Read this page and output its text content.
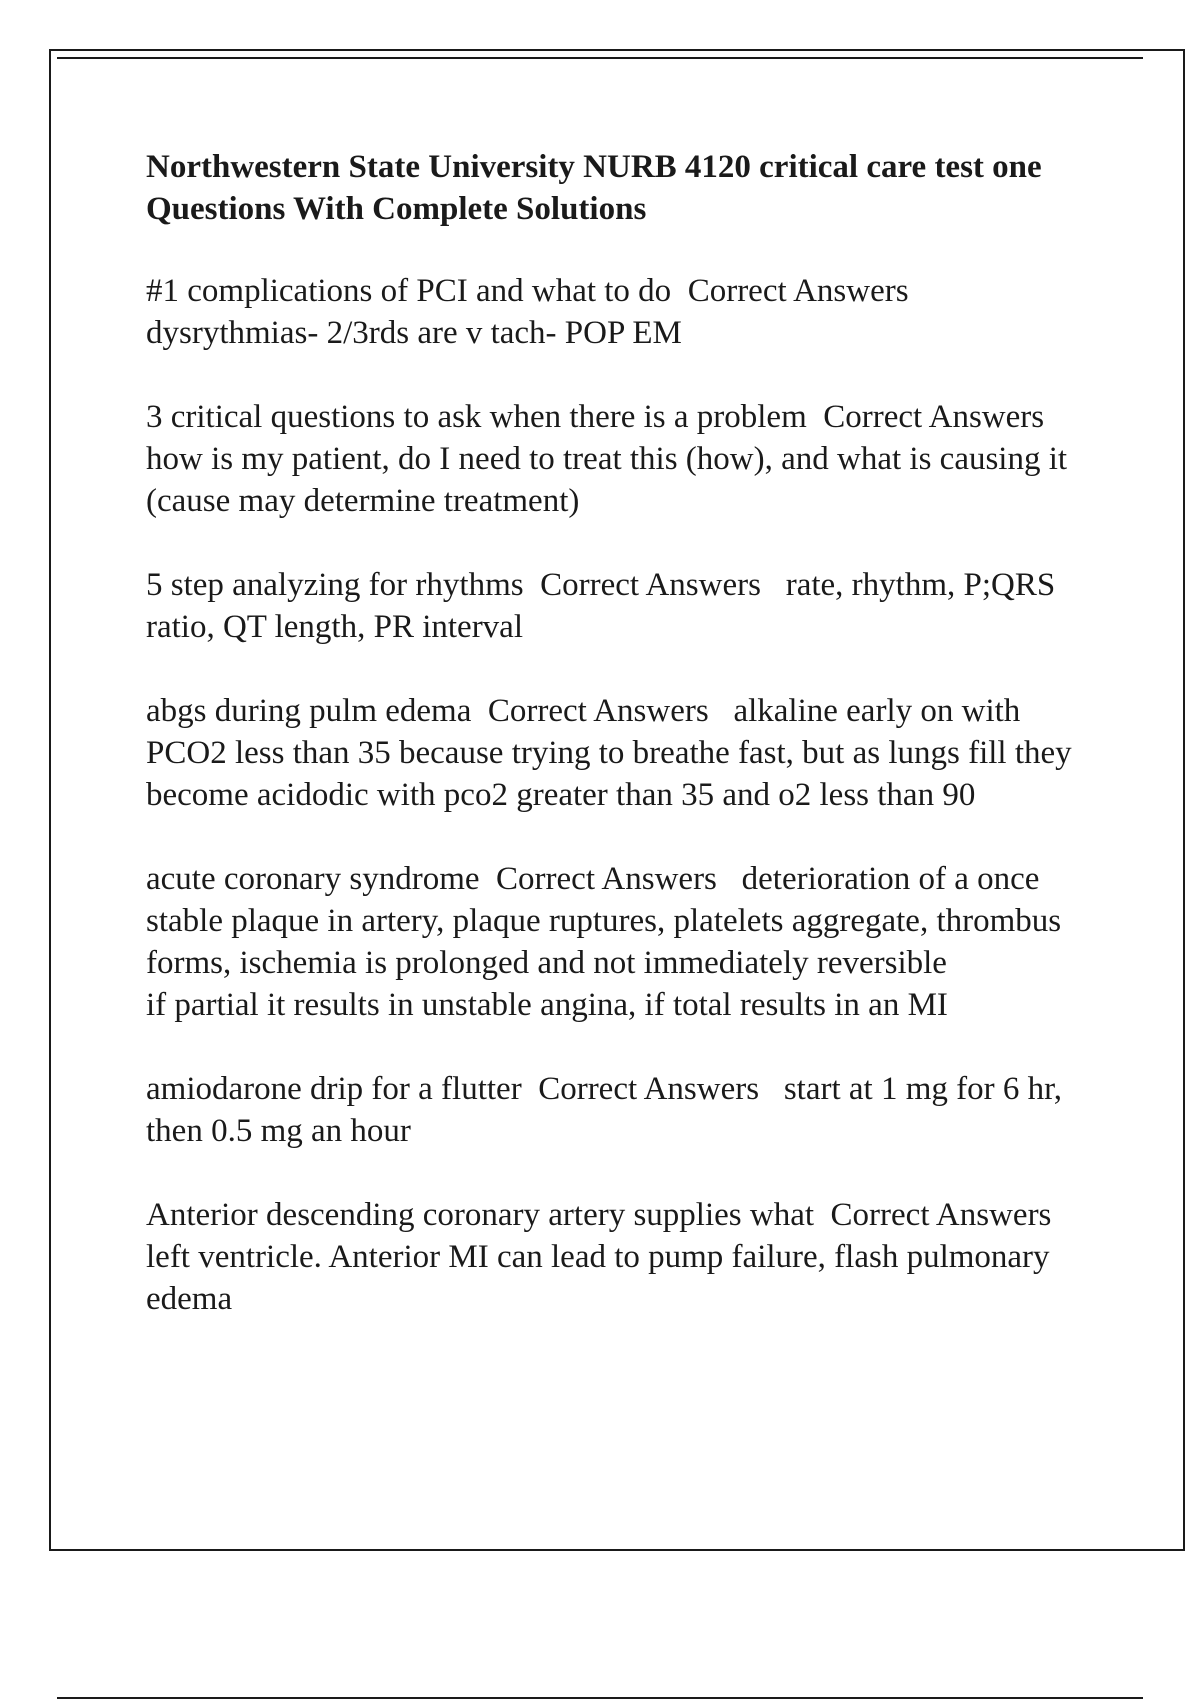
Northwestern State University NURB 4120 critical care test one Questions With Complete Solutions
#1 complications of PCI and what to do Correct Answers
dysrythmias- 2/3rds are v tach- POP EM
3 critical questions to ask when there is a problem Correct Answers   how is my patient, do I need to treat this (how), and what is causing it (cause may determine treatment)
5 step analyzing for rhythms Correct Answers rate, rhythm, P;QRS ratio, QT length, PR interval
abgs during pulm edema Correct Answers alkaline early on with PCO2 less than 35 because trying to breathe fast, but as lungs fill they become acidodic with pco2 greater than 35 and o2 less than 90
acute coronary syndrome Correct Answers deterioration of a once stable plaque in artery, plaque ruptures, platelets aggregate, thrombus forms, ischemia is prolonged and not immediately reversible
if partial it results in unstable angina, if total results in an MI
amiodarone drip for a flutter Correct Answers start at 1 mg for 6 hr, then 0.5 mg an hour
Anterior descending coronary artery supplies what Correct Answers   left ventricle. Anterior MI can lead to pump failure, flash pulmonary edema
